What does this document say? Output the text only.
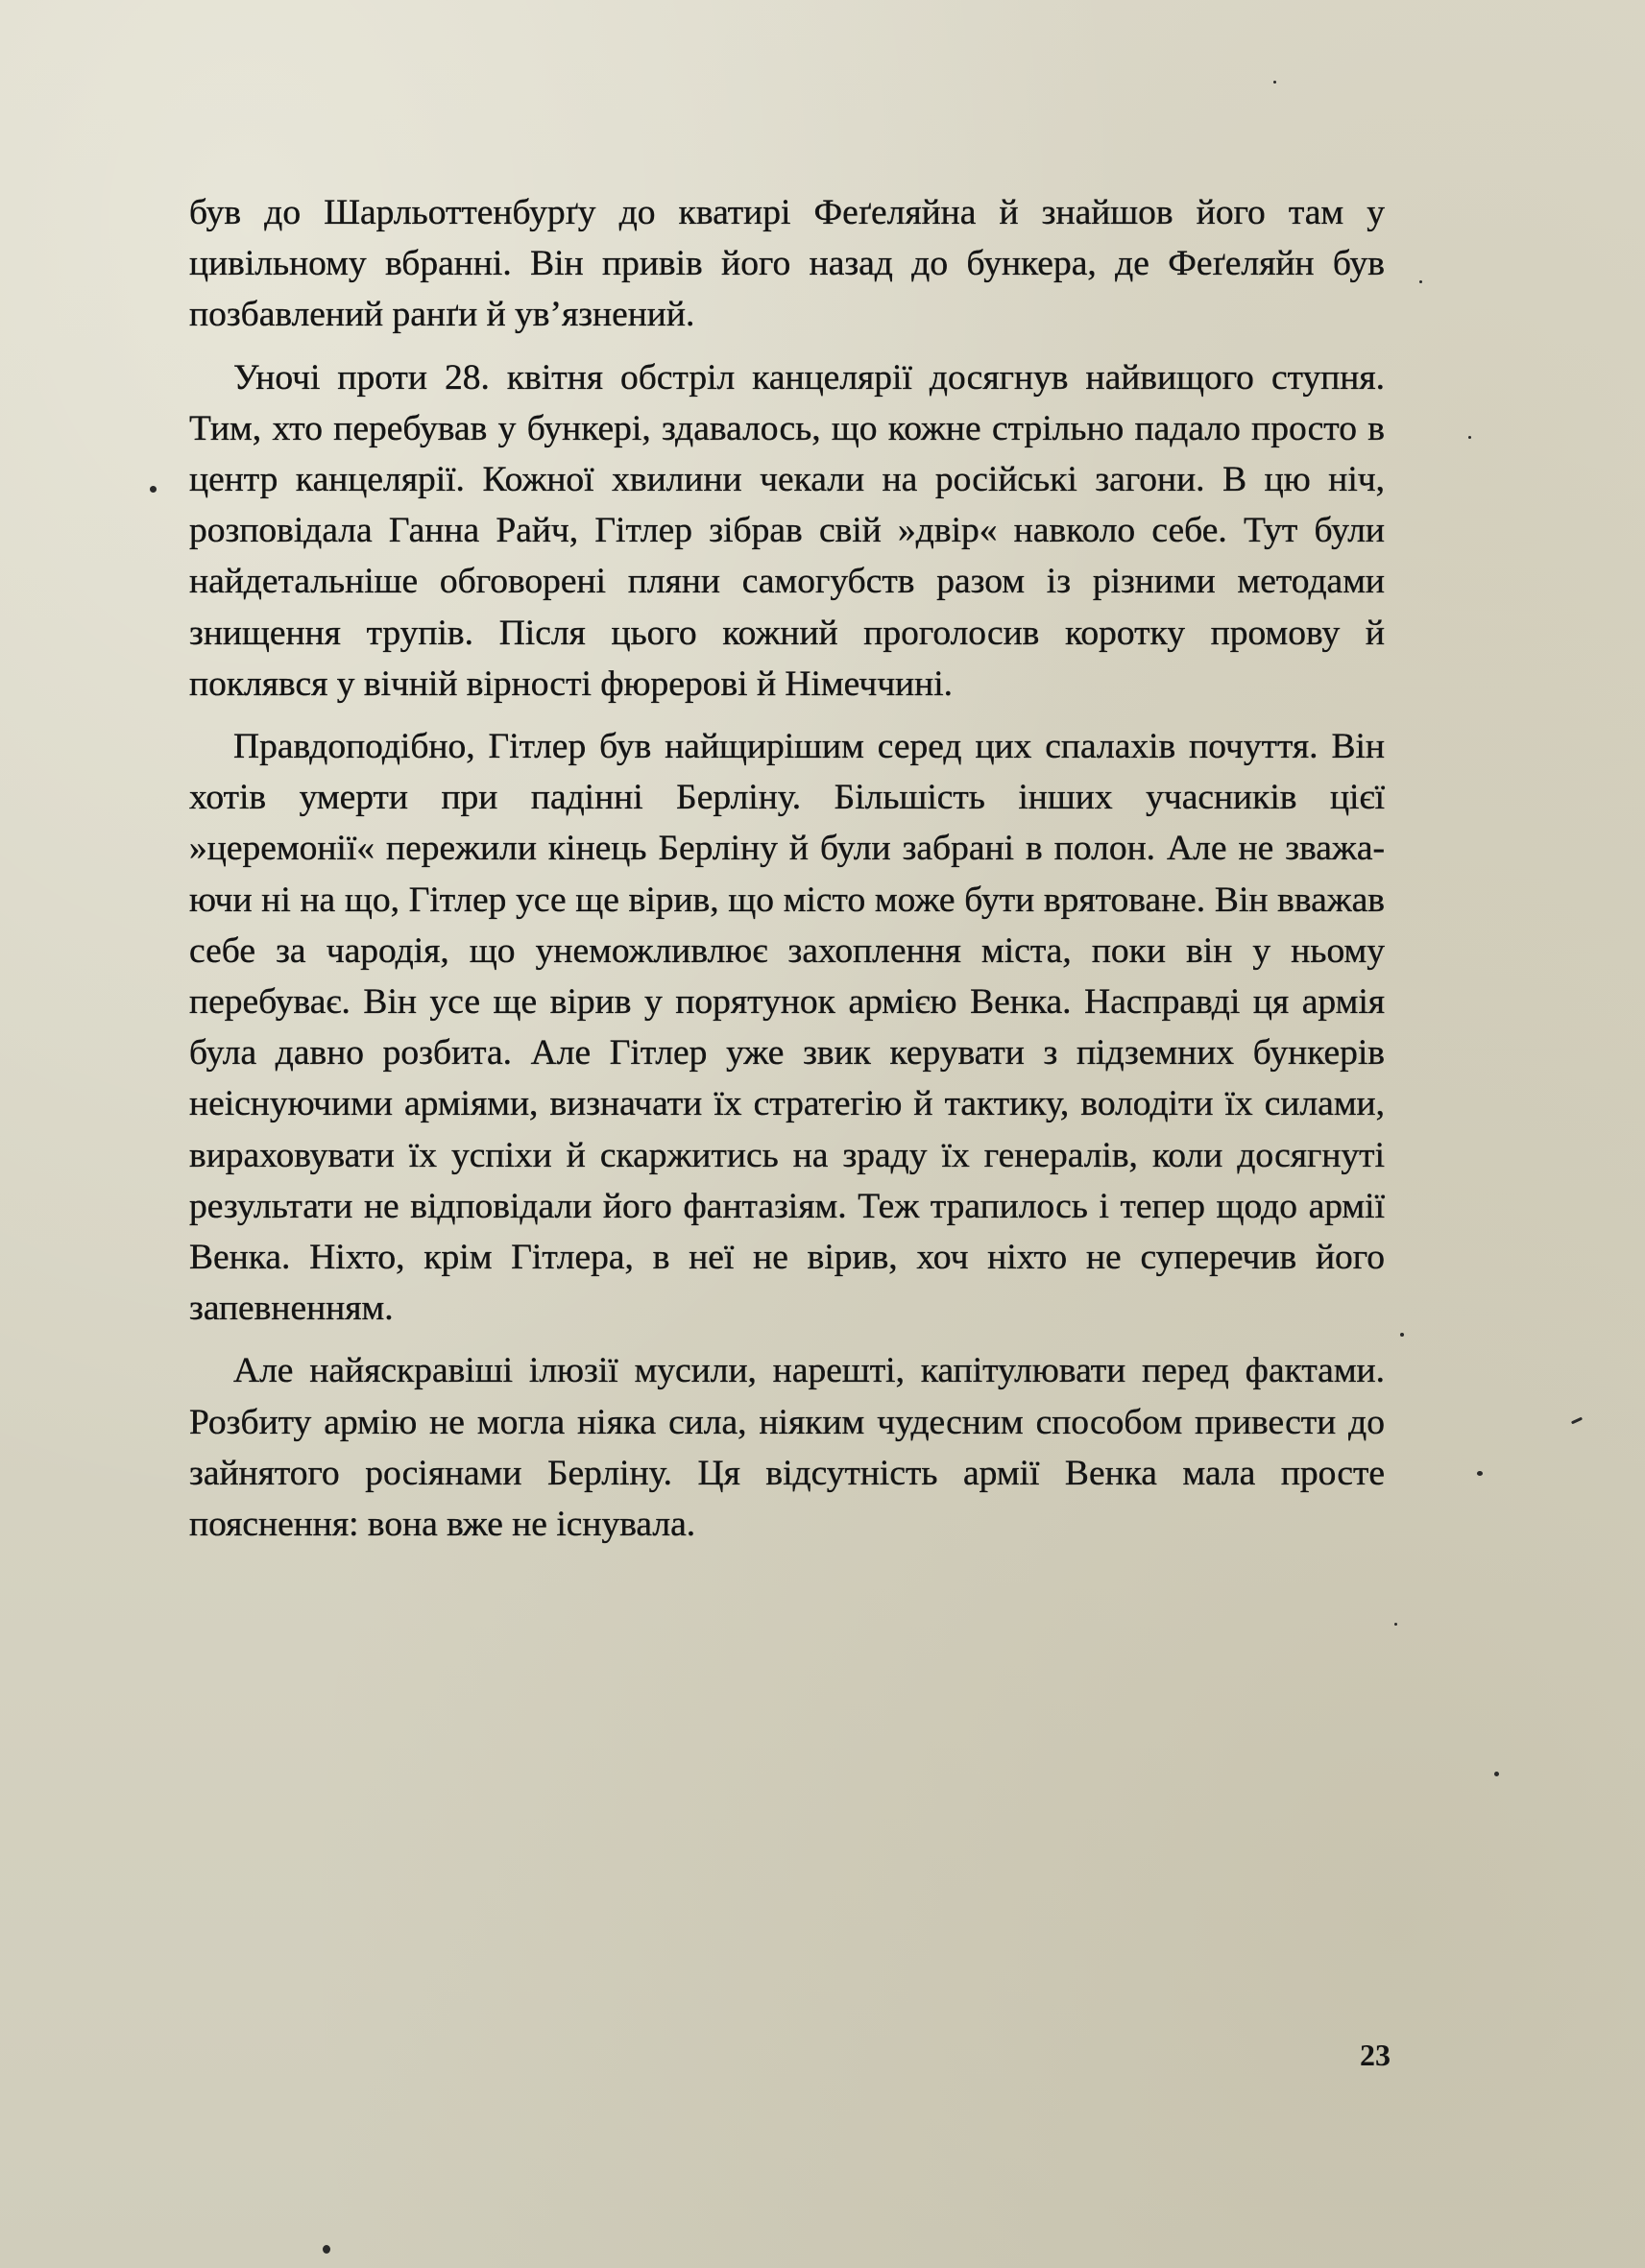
був до Шарльоттенбурґу до кватирі Феґеляйна й знайшов його там у цивільному вбранні. Він привів його назад до бункера, де Феґеляйн був позбавлений ранґи й ув’язнений.

Уночі проти 28. квітня обстріл канцелярії досягнув найвищого ступня. Тим, хто перебував у бункері, здавалось, що кожне стрільно падало просто в центр канцелярії. Кожної хвилини чекали на російські загони. В цю ніч, розповідала Ганна Райч, Гітлер зібрав свій »двір« навколо себе. Тут були найдетальніше обговорені пляни самогубств разом із різними методами знищення трупів. Після цього кожний проголосив коротку промову й поклявся у вічній вірності фюрерові й Німеччині.

Правдоподібно, Гітлер був найщирішим серед цих спалахів почуття. Він хотів умерти при падінні Берліну. Більшість інших учасників цієї »церемонії« пережили кінець Берліну й були забрані в полон. Але не зважаючи ні на що, Гітлер усе ще вірив, що місто може бути врятоване. Він вважав себе за чародія, що унеможливлює захоплення міста, поки він у ньому перебуває. Він усе ще вірив у порятунок армією Венка. Насправді ця армія була давно розбита. Але Гітлер уже звик керувати з підземних бункерів неіснуючими арміями, визначати їх стратегію й тактику, володіти їх силами, вираховувати їх успіхи й скаржитись на зраду їх генералів, коли досягнуті результати не відповідали його фантазіям. Теж трапилось і тепер щодо армії Венка. Ніхто, крім Гітлера, в неї не вірив, хоч ніхто не суперечив його запевненням.

Але найяскравіші ілюзії мусили, нарешті, капітулювати перед фактами. Розбиту армію не могла ніяка сила, ніяким чудесним способом привести до зайнятого росіянами Берліну. Ця відсутність армії Венка мала просте пояснення: вона вже не існувала.

23
